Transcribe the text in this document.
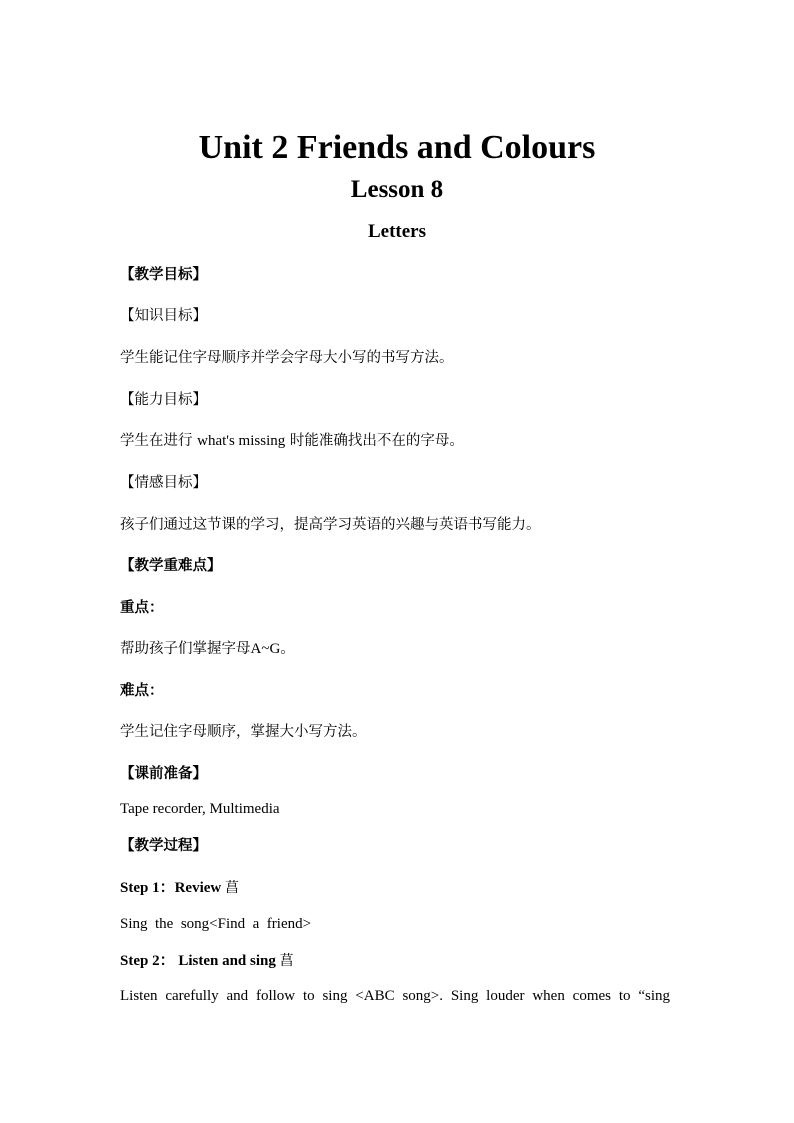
Unit 2 Friends and Colours
Lesson 8
Letters
【教学目标】
【知识目标】
学生能记住字母顺序并学会字母大小写的书写方法。
【能力目标】
学生在进行 what's missing 时能准确找出不在的字母。
【情感目标】
孩子们通过这节课的学习，提高学习英语的兴趣与英语书写能力。
【教学重难点】
重点：
帮助孩子们掌握字母A~G。
难点：
学生记住字母顺序，掌握大小写方法。
【课前准备】
Tape recorder, Multimedia
【教学过程】
Step 1：Review 菖
Sing  the  song<Find  a  friend>
Step 2： Listen and sing 菖
Listen carefully and follow to sing <ABC song>. Sing louder when comes to “sing
